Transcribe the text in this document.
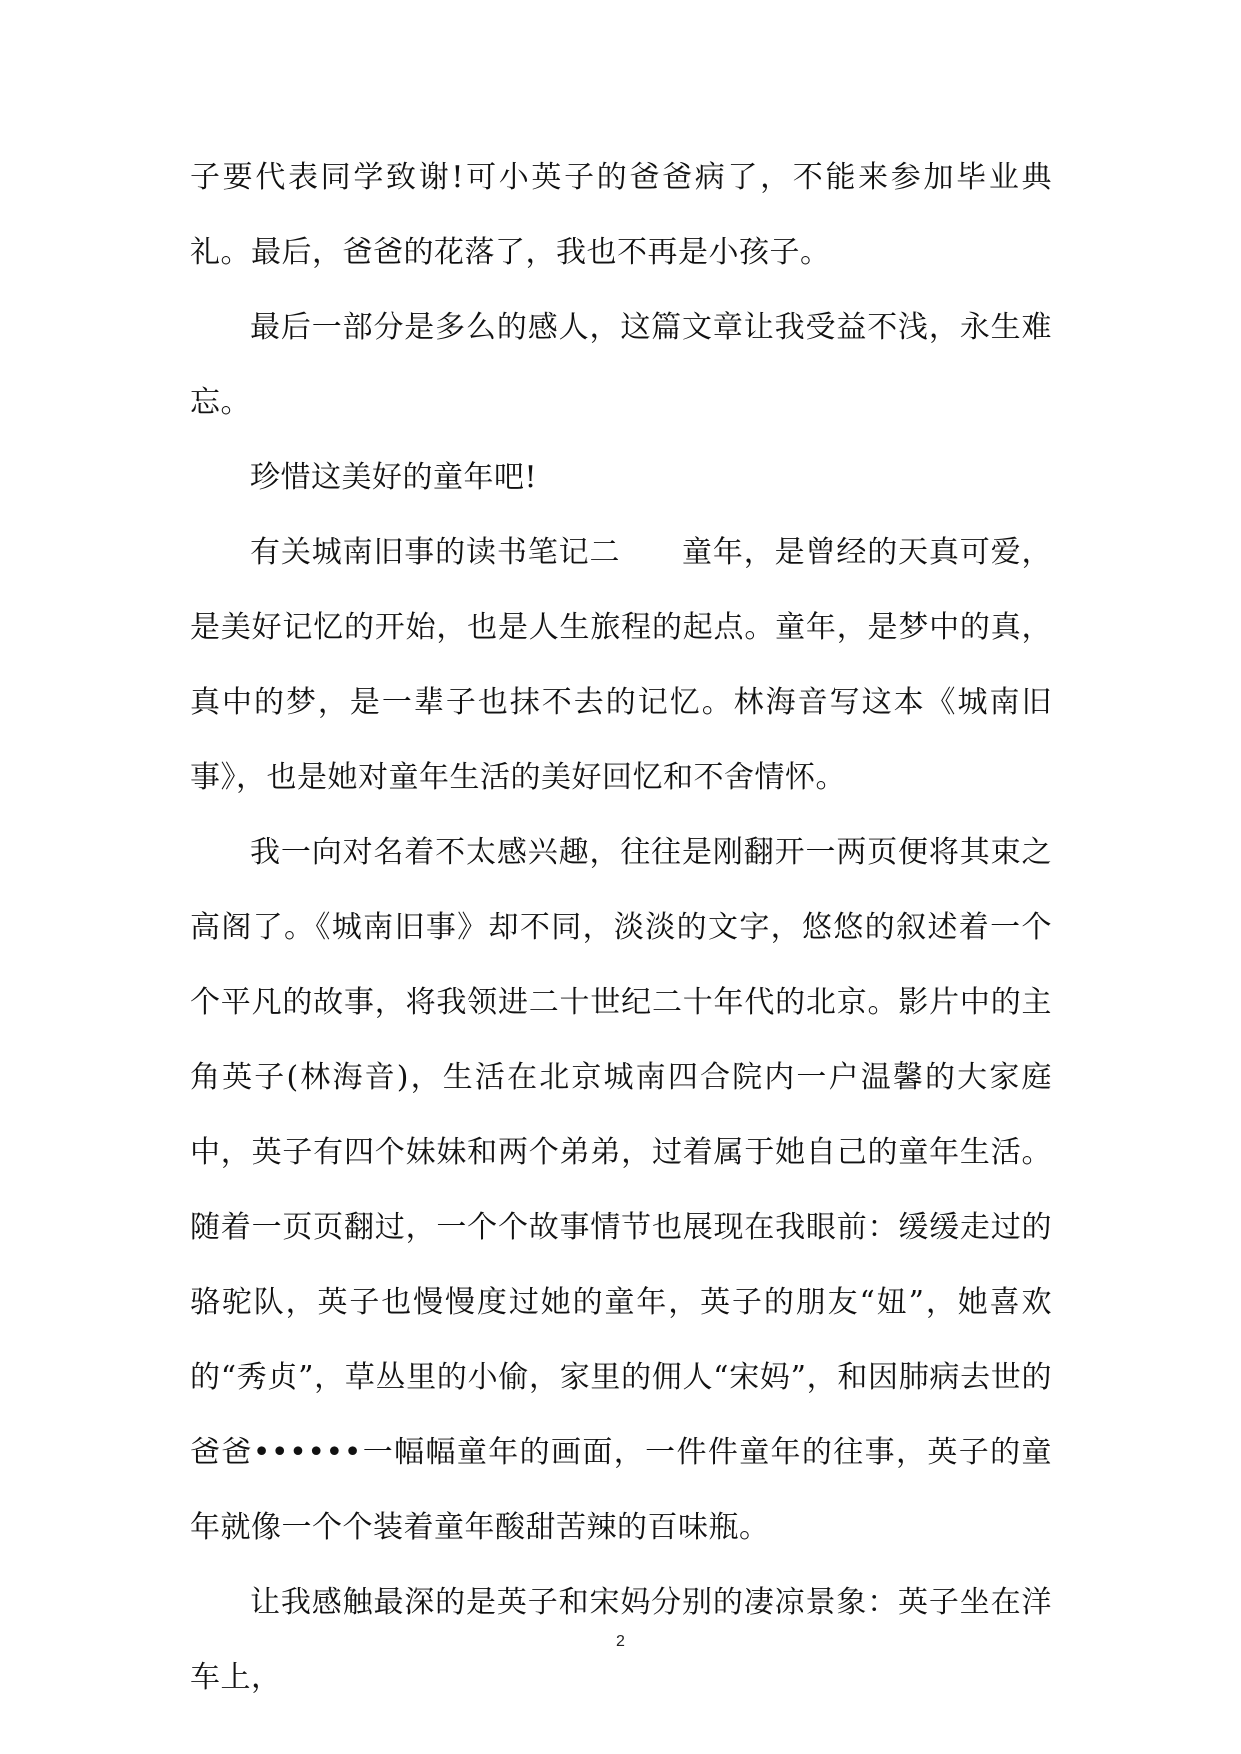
子要代表同学致谢!可小英子的爸爸病了，不能来参加毕业典礼。最后，爸爸的花落了，我也不再是小孩子。

最后一部分是多么的感人，这篇文章让我受益不浅，永生难忘。

珍惜这美好的童年吧!

有关城南旧事的读书笔记二　　童年，是曾经的天真可爱，是美好记忆的开始，也是人生旅程的起点。童年，是梦中的真，真中的梦，是一辈子也抹不去的记忆。林海音写这本《城南旧事》，也是她对童年生活的美好回忆和不舍情怀。

我一向对名着不太感兴趣，往往是刚翻开一两页便将其束之高阁了。《城南旧事》却不同，淡淡的文字，悠悠的叙述着一个个平凡的故事，将我领进二十世纪二十年代的北京。影片中的主角英子(林海音)，生活在北京城南四合院内一户温馨的大家庭中，英子有四个妹妹和两个弟弟，过着属于她自己的童年生活。随着一页页翻过，一个个故事情节也展现在我眼前：缓缓走过的骆驼队，英子也慢慢度过她的童年，英子的朋友“妞”，她喜欢的“秀贞”，草丛里的小偷，家里的佣人“宋妈”，和因肺病去世的爸爸••••••一幅幅童年的画面，一件件童年的往事，英子的童年就像一个个装着童年酸甜苦辣的百味瓶。

让我感触最深的是英子和宋妈分别的凄凉景象：英子坐在洋车上，

2
